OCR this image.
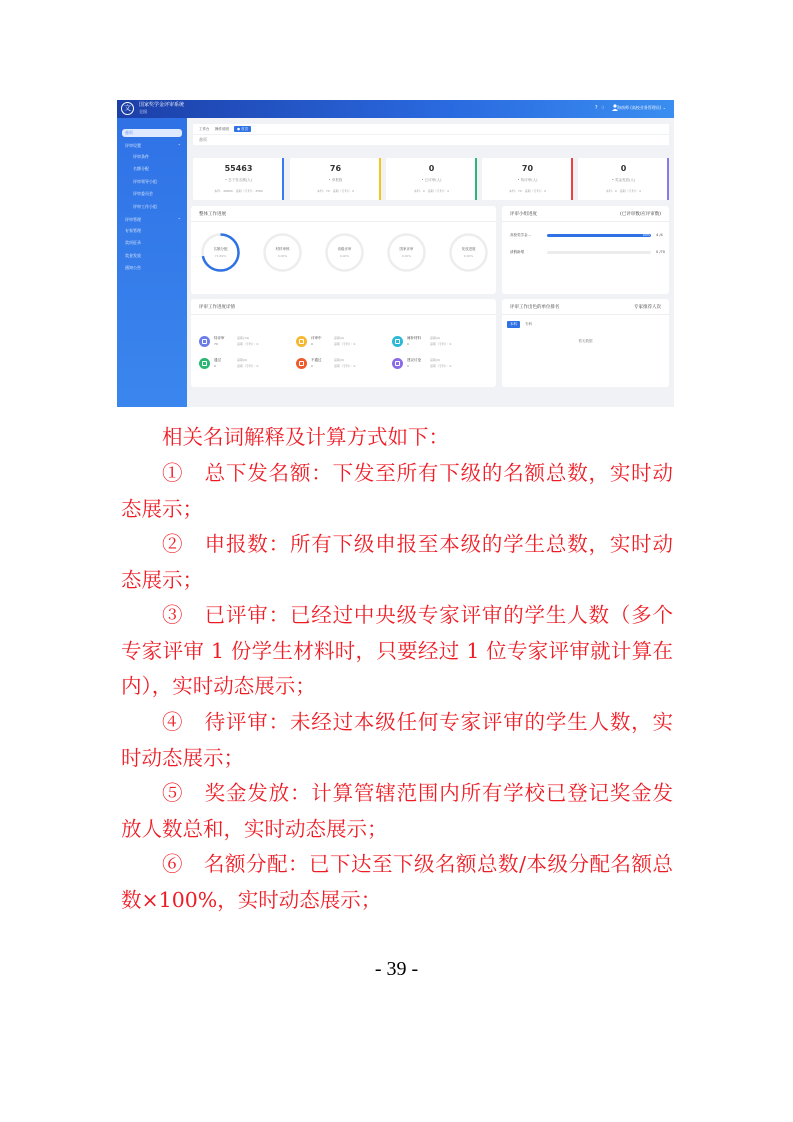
文	国家奖学金评审系统
全国
?♢ 海南师 (高校业务管理员) ⌄
首页
评审设置	⌃
评审条件
名额分配
评审领导小组
评审委员会
评审工作小组
评审管理	⌃
专家管理
奖项征录
奖金发放
通知公告
工作台 操作说明	● 首页
首页
55463
• 总下发名额(人)
本科：48800　高职（专科）：3580
76
• 申报数
本科：70　高职（专科）：0
0
• 已评审(人)
本科：0　高职（专科）：0
70
• 待评审(人)
本科：70　高职（专科）：0
0
• 奖金发放(人)
本科：0　高职（专科）：0
整体工作进展
名额分配
71.69%
材料审核
0.00%
省级评审
0.00%
国家评审
0.00%
发放进展
0.00%
评审小组进度	(已评审数/应评审数)
高校奖学金...	100% 4 /4
请假新增	0 /70
评审工作进度详情
待评审
70
高职(74)
高职（专科）：0
评审中
0
高职(0)
高职（专科）：0
補补材料
0
高职(0)
高职（专科）：0
通过
0
高职(0)
高职（专科）：0
不通过
0
高职(0)
高职（专科）：0
建议讨论
0
高职(0)
高职（专科）：0
评审工作出色的单位排名	专家推荐人次
本科	专科
暂无数据

相关名词解释及计算方式如下：

①　总下发名额：下发至所有下级的名额总数，实时动态展示；

②　申报数：所有下级申报至本级的学生总数，实时动态展示；

③　已评审：已经过中央级专家评审的学生人数（多个专家评审 1 份学生材料时，只要经过 1 位专家评审就计算在内），实时动态展示；

④　待评审：未经过本级任何专家评审的学生人数，实时动态展示；

⑤　奖金发放：计算管辖范围内所有学校已登记奖金发放人数总和，实时动态展示；

⑥　名额分配：已下达至下级名额总数/本级分配名额总数×100%，实时动态展示；

- 39 -
